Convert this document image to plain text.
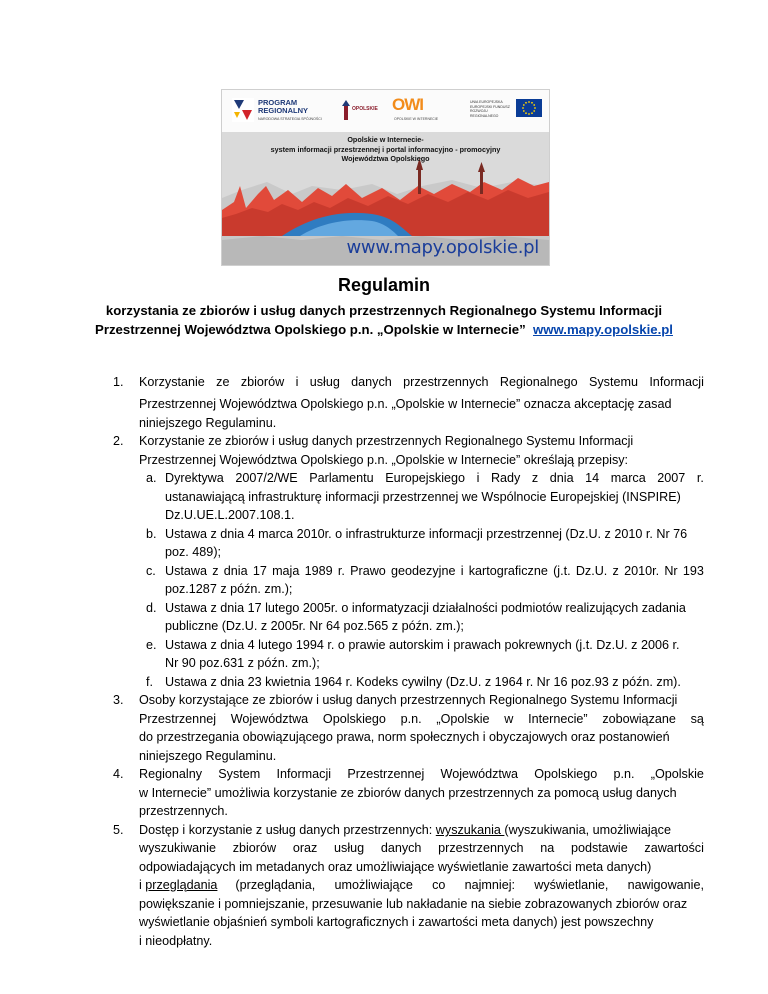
PROGRAM
REGIONALNY
NARODOWA STRATEGIA SPÓJNOŚCI
OPOLSKIE OWI
OPOLSKIE W INTERNECIE
UNIA EUROPEJSKA EUROPEJSKI FUNDUSZ ROZWOJU REGIONALNEGO
Opolskie w Internecie-
system informacji przestrzennej i portal informacyjno - promocyjny
Województwa Opolskiego
www.mapy.opolskie.pl
Regulamin
korzystania ze zbiorów i usług danych przestrzennych Regionalnego Systemu Informacji
Przestrzennej Województwa Opolskiego p.n. „Opolskie w Internecie” www.mapy.opolskie.pl
1. Korzystanie ze zbiorów i usług danych przestrzennych Regionalnego Systemu Informacji
Przestrzennej Województwa Opolskiego p.n. „Opolskie w Internecie” oznacza akceptację zasad
niniejszego Regulaminu.
2. Korzystanie ze zbiorów i usług danych przestrzennych Regionalnego Systemu Informacji
Przestrzennej Województwa Opolskiego p.n. „Opolskie w Internecie” określają przepisy:
a. Dyrektywa 2007/2/WE Parlamentu Europejskiego i Rady z dnia 14 marca 2007 r.
ustanawiającą infrastrukturę informacji przestrzennej we Wspólnocie Europejskiej (INSPIRE)
Dz.U.UE.L.2007.108.1.
b. Ustawa z dnia 4 marca 2010r. o infrastrukturze informacji przestrzennej (Dz.U. z 2010 r. Nr 76
poz. 489);
c. Ustawa z dnia 17 maja 1989 r. Prawo geodezyjne i kartograficzne (j.t. Dz.U. z 2010r. Nr 193
poz.1287 z późn. zm.);
d. Ustawa z dnia 17 lutego 2005r. o informatyzacji działalności podmiotów realizujących zadania
publiczne (Dz.U. z 2005r. Nr 64 poz.565 z późn. zm.);
e. Ustawa z dnia 4 lutego 1994 r. o prawie autorskim i prawach pokrewnych (j.t. Dz.U. z 2006 r.
Nr 90 poz.631 z późn. zm.);
f. Ustawa z dnia 23 kwietnia 1964 r. Kodeks cywilny (Dz.U. z 1964 r. Nr 16 poz.93 z późn. zm).
3. Osoby korzystające ze zbiorów i usług danych przestrzennych Regionalnego Systemu Informacji
Przestrzennej Województwa Opolskiego p.n. „Opolskie w Internecie” zobowiązane są
do przestrzegania obowiązującego prawa, norm społecznych i obyczajowych oraz postanowień
niniejszego Regulaminu.
4. Regionalny System Informacji Przestrzennej Województwa Opolskiego p.n. „Opolskie
w Internecie” umożliwia korzystanie ze zbiorów danych przestrzennych za pomocą usług danych
przestrzennych.
5. Dostęp i korzystanie z usług danych przestrzennych: wyszukania (wyszukiwania, umożliwiające
wyszukiwanie zbiorów oraz usług danych przestrzennych na podstawie zawartości
odpowiadających im metadanych oraz umożliwiające wyświetlanie zawartości meta danych)
i przeglądania (przeglądania, umożliwiające co najmniej: wyświetlanie, nawigowanie,
powiększanie i pomniejszanie, przesuwanie lub nakładanie na siebie zobrazowanych zbiorów oraz
wyświetlanie objaśnień symboli kartograficznych i zawartości meta danych) jest powszechny
i nieodpłatny.
